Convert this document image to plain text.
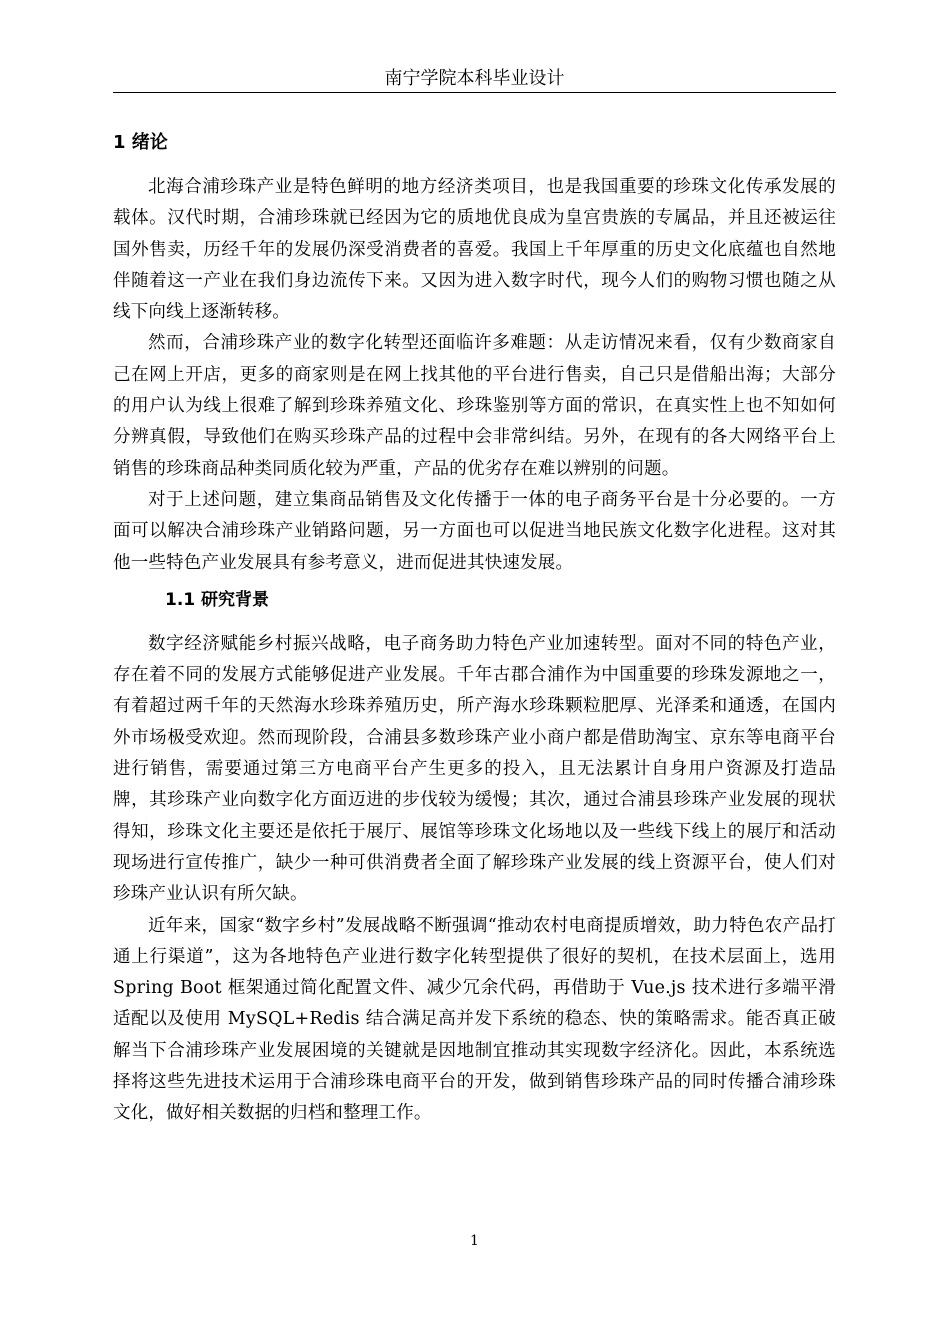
南宁学院本科毕业设计
1 绪论

北海合浦珍珠产业是特色鲜明的地方经济类项目，也是我国重要的珍珠文化传承发展的载体。汉代时期，合浦珍珠就已经因为它的质地优良成为皇宫贵族的专属品，并且还被运往国外售卖，历经千年的发展仍深受消费者的喜爱。我国上千年厚重的历史文化底蕴也自然地伴随着这一产业在我们身边流传下来。又因为进入数字时代，现今人们的购物习惯也随之从线下向线上逐渐转移。

然而，合浦珍珠产业的数字化转型还面临许多难题：从走访情况来看，仅有少数商家自己在网上开店，更多的商家则是在网上找其他的平台进行售卖，自己只是借船出海；大部分的用户认为线上很难了解到珍珠养殖文化、珍珠鉴别等方面的常识，在真实性上也不知如何分辨真假，导致他们在购买珍珠产品的过程中会非常纠结。另外，在现有的各大网络平台上销售的珍珠商品种类同质化较为严重，产品的优劣存在难以辨别的问题。

对于上述问题，建立集商品销售及文化传播于一体的电子商务平台是十分必要的。一方面可以解决合浦珍珠产业销路问题，另一方面也可以促进当地民族文化数字化进程。这对其他一些特色产业发展具有参考意义，进而促进其快速发展。

1.1 研究背景

数字经济赋能乡村振兴战略，电子商务助力特色产业加速转型。面对不同的特色产业，存在着不同的发展方式能够促进产业发展。千年古郡合浦作为中国重要的珍珠发源地之一，有着超过两千年的天然海水珍珠养殖历史，所产海水珍珠颗粒肥厚、光泽柔和通透，在国内外市场极受欢迎。然而现阶段，合浦县多数珍珠产业小商户都是借助淘宝、京东等电商平台进行销售，需要通过第三方电商平台产生更多的投入，且无法累计自身用户资源及打造品牌，其珍珠产业向数字化方面迈进的步伐较为缓慢；其次，通过合浦县珍珠产业发展的现状得知，珍珠文化主要还是依托于展厅、展馆等珍珠文化场地以及一些线下线上的展厅和活动现场进行宣传推广，缺少一种可供消费者全面了解珍珠产业发展的线上资源平台，使人们对珍珠产业认识有所欠缺。

近年来，国家“数字乡村”发展战略不断强调“推动农村电商提质增效，助力特色农产品打通上行渠道”，这为各地特色产业进行数字化转型提供了很好的契机，在技术层面上，选用 Spring Boot 框架通过简化配置文件、减少冗余代码，再借助于 Vue.js 技术进行多端平滑适配以及使用 MySQL+Redis 结合满足高并发下系统的稳态、快的策略需求。能否真正破解当下合浦珍珠产业发展困境的关键就是因地制宜推动其实现数字经济化。因此，本系统选择将这些先进技术运用于合浦珍珠电商平台的开发，做到销售珍珠产品的同时传播合浦珍珠文化，做好相关数据的归档和整理工作。

1
